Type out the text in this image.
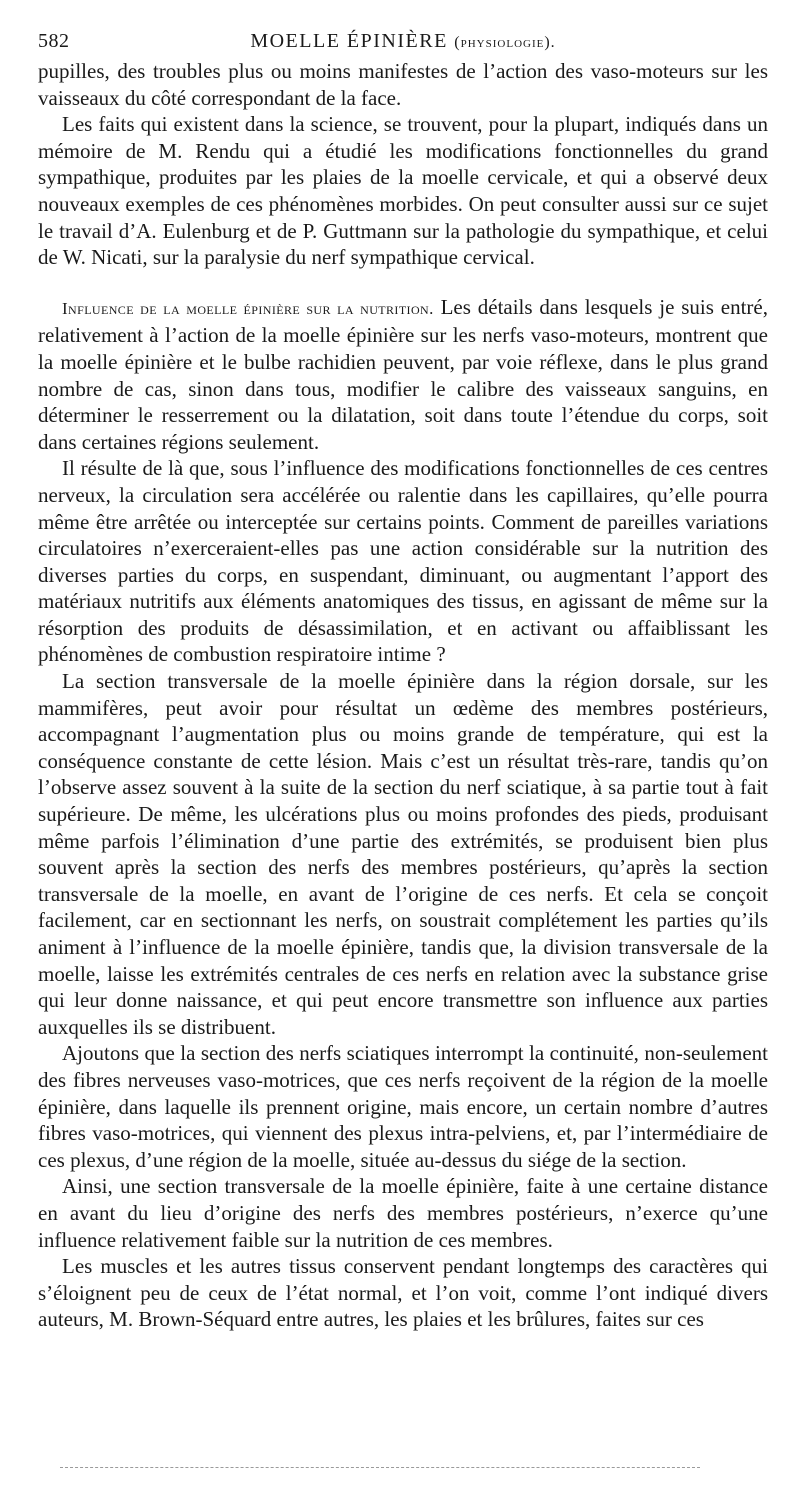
582	MOELLE ÉPINIÈRE (physiologie).

pupilles, des troubles plus ou moins manifestes de l’action des vaso-moteurs sur les vaisseaux du côté correspondant de la face.

Les faits qui existent dans la science, se trouvent, pour la plupart, indiqués dans un mémoire de M. Rendu qui a étudié les modifications fonctionnelles du grand sympathique, produites par les plaies de la moelle cervicale, et qui a observé deux nouveaux exemples de ces phénomènes morbides. On peut consulter aussi sur ce sujet le travail d’A. Eulenburg et de P. Guttmann sur la pathologie du sympathique, et celui de W. Nicati, sur la paralysie du nerf sympathique cervical.

Influence de la moelle épinière sur la nutrition. Les détails dans lesquels je suis entré, relativement à l’action de la moelle épinière sur les nerfs vaso-moteurs, montrent que la moelle épinière et le bulbe rachidien peuvent, par voie réflexe, dans le plus grand nombre de cas, sinon dans tous, modifier le calibre des vaisseaux sanguins, en déterminer le resserrement ou la dilatation, soit dans toute l’étendue du corps, soit dans certaines régions seulement.

Il résulte de là que, sous l’influence des modifications fonctionnelles de ces centres nerveux, la circulation sera accélérée ou ralentie dans les capillaires, qu’elle pourra même être arrêtée ou interceptée sur certains points. Comment de pareilles variations circulatoires n’exerceraient-elles pas une action considérable sur la nutrition des diverses parties du corps, en suspendant, diminuant, ou augmentant l’apport des matériaux nutritifs aux éléments anatomiques des tissus, en agissant de même sur la résorption des produits de désassimilation, et en activant ou affaiblissant les phénomènes de combustion respiratoire intime ?

La section transversale de la moelle épinière dans la région dorsale, sur les mammifères, peut avoir pour résultat un œdème des membres postérieurs, accompagnant l’augmentation plus ou moins grande de température, qui est la conséquence constante de cette lésion. Mais c’est un résultat très-rare, tandis qu’on l’observe assez souvent à la suite de la section du nerf sciatique, à sa partie tout à fait supérieure. De même, les ulcérations plus ou moins profondes des pieds, produisant même parfois l’élimination d’une partie des extrémités, se produisent bien plus souvent après la section des nerfs des membres postérieurs, qu’après la section transversale de la moelle, en avant de l’origine de ces nerfs. Et cela se conçoit facilement, car en sectionnant les nerfs, on soustrait complétement les parties qu’ils animent à l’influence de la moelle épinière, tandis que, la division transversale de la moelle, laisse les extrémités centrales de ces nerfs en relation avec la substance grise qui leur donne naissance, et qui peut encore transmettre son influence aux parties auxquelles ils se distribuent.

Ajoutons que la section des nerfs sciatiques interrompt la continuité, non-seulement des fibres nerveuses vaso-motrices, que ces nerfs reçoivent de la région de la moelle épinière, dans laquelle ils prennent origine, mais encore, un certain nombre d’autres fibres vaso-motrices, qui viennent des plexus intra-pelviens, et, par l’intermédiaire de ces plexus, d’une région de la moelle, située au-dessus du siége de la section.

Ainsi, une section transversale de la moelle épinière, faite à une certaine distance en avant du lieu d’origine des nerfs des membres postérieurs, n’exerce qu’une influence relativement faible sur la nutrition de ces membres.

Les muscles et les autres tissus conservent pendant longtemps des caractères qui s’éloignent peu de ceux de l’état normal, et l’on voit, comme l’ont indiqué divers auteurs, M. Brown-Séquard entre autres, les plaies et les brûlures, faites sur ces
